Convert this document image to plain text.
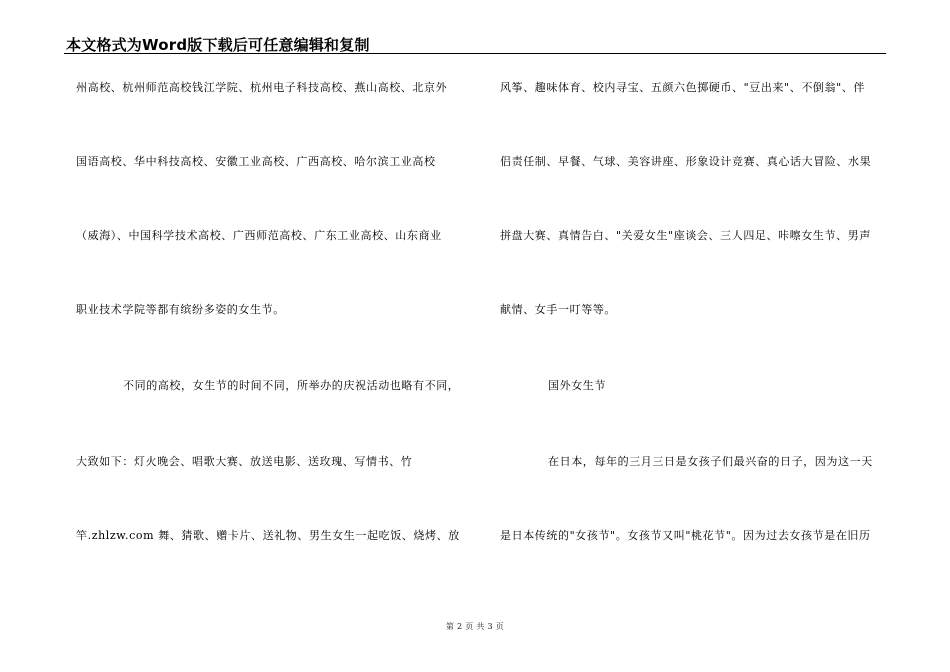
本文格式为Word版下载后可任意编辑和复制
州高校、杭州师范高校钱江学院、杭州电子科技高校、燕山高校、北京外
国语高校、华中科技高校、安徽工业高校、广西高校、哈尔滨工业高校
（威海）、中国科学技术高校、广西师范高校、广东工业高校、山东商业
职业技术学院等都有缤纷多姿的女生节。
不同的高校，女生节的时间不同，所举办的庆祝活动也略有不同，
大致如下：灯火晚会、唱歌大赛、放送电影、送玫瑰、写情书、竹
竿.zhlzw.com 舞、猜歌、赠卡片、送礼物、男生女生一起吃饭、烧烤、放
风筝、趣味体育、校内寻宝、五颜六色掷硬币、"豆出来"、不倒翁"、伴
侣责任制、早餐、气球、美容讲座、形象设计竞赛、真心话大冒险、水果
拼盘大赛、真情告白、"关爱女生"座谈会、三人四足、咔嚓女生节、男声
献情、女手一叮等等。
国外女生节
在日本，每年的三月三日是女孩子们最兴奋的日子，因为这一天
是日本传统的"女孩节"。女孩节又叫"桃花节"。因为过去女孩节是在旧历
第 2 页 共 3 页
